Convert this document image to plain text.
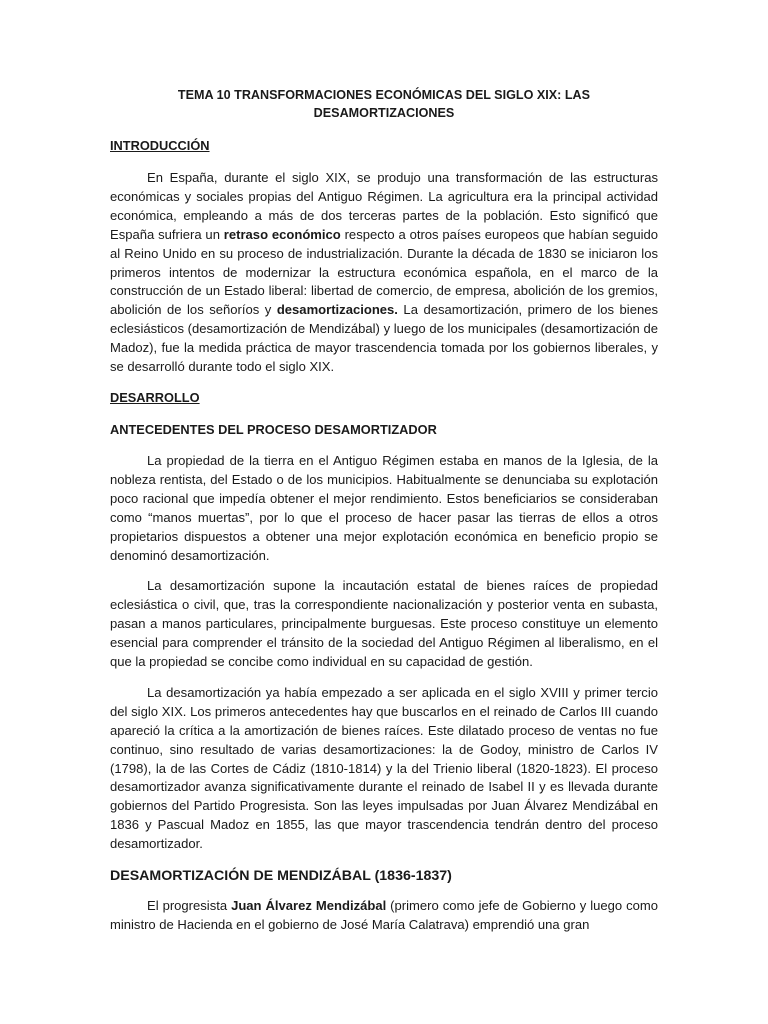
TEMA 10 TRANSFORMACIONES ECONÓMICAS DEL SIGLO XIX: LAS DESAMORTIZACIONES
INTRODUCCIÓN

En España, durante el siglo XIX, se produjo una transformación de las estructuras económicas y sociales propias del Antiguo Régimen. La agricultura era la principal actividad económica, empleando a más de dos terceras partes de la población. Esto significó que España sufriera un retraso económico respecto a otros países europeos que habían seguido al Reino Unido en su proceso de industrialización. Durante la década de 1830 se iniciaron los primeros intentos de modernizar la estructura económica española, en el marco de la construcción de un Estado liberal: libertad de comercio, de empresa, abolición de los gremios, abolición de los señoríos y desamortizaciones. La desamortización, primero de los bienes eclesiásticos (desamortización de Mendizábal) y luego de los municipales (desamortización de Madoz), fue la medida práctica de mayor trascendencia tomada por los gobiernos liberales, y se desarrolló durante todo el siglo XIX.

DESARROLLO
ANTECEDENTES DEL PROCESO DESAMORTIZADOR

La propiedad de la tierra en el Antiguo Régimen estaba en manos de la Iglesia, de la nobleza rentista, del Estado o de los municipios. Habitualmente se denunciaba su explotación poco racional que impedía obtener el mejor rendimiento. Estos beneficiarios se consideraban como “manos muertas”, por lo que el proceso de hacer pasar las tierras de ellos a otros propietarios dispuestos a obtener una mejor explotación económica en beneficio propio se denominó desamortización.

La desamortización supone la incautación estatal de bienes raíces de propiedad eclesiástica o civil, que, tras la correspondiente nacionalización y posterior venta en subasta, pasan a manos particulares, principalmente burguesas. Este proceso constituye un elemento esencial para comprender el tránsito de la sociedad del Antiguo Régimen al liberalismo, en el que la propiedad se concibe como individual en su capacidad de gestión.

La desamortización ya había empezado a ser aplicada en el siglo XVIII y primer tercio del siglo XIX. Los primeros antecedentes hay que buscarlos en el reinado de Carlos III cuando apareció la crítica a la amortización de bienes raíces. Este dilatado proceso de ventas no fue continuo, sino resultado de varias desamortizaciones: la de Godoy, ministro de Carlos IV (1798), la de las Cortes de Cádiz (1810-1814) y la del Trienio liberal (1820-1823). El proceso desamortizador avanza significativamente durante el reinado de Isabel II y es llevada durante gobiernos del Partido Progresista. Son las leyes impulsadas por Juan Álvarez Mendizábal en 1836 y Pascual Madoz en 1855, las que mayor trascendencia tendrán dentro del proceso desamortizador.

DESAMORTIZACIÓN DE MENDIZÁBAL (1836-1837)

El progresista Juan Álvarez Mendizábal (primero como jefe de Gobierno y luego como ministro de Hacienda en el gobierno de José María Calatrava) emprendió una gran
